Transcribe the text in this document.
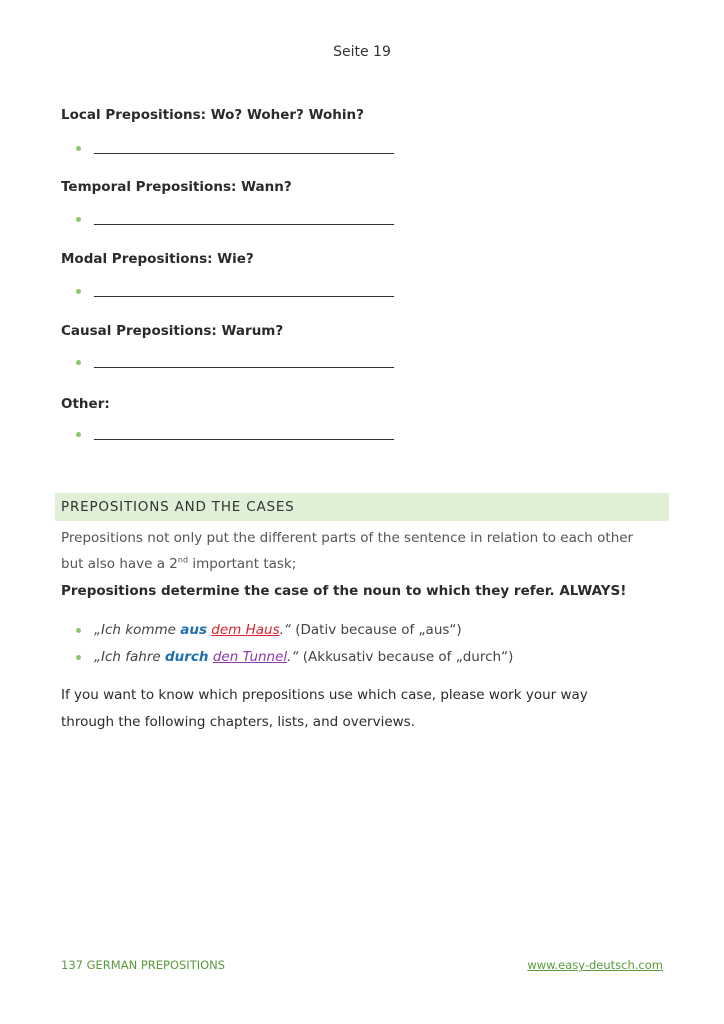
Seite 19
Local Prepositions: Wo? Woher? Wohin?
Temporal Prepositions: Wann?
Modal Prepositions: Wie?
Causal Prepositions: Warum?
Other:
PREPOSITIONS AND THE CASES
Prepositions not only put the different parts of the sentence in relation to each other
but also have a 2nd important task;
Prepositions determine the case of the noun to which they refer. ALWAYS!
„Ich komme aus dem Haus.“ (Dativ because of „aus“)
„Ich fahre durch den Tunnel.“ (Akkusativ because of „durch“)
If you want to know which prepositions use which case, please work your way
through the following chapters, lists, and overviews.
137 GERMAN PREPOSITIONS	www.easy-deutsch.com
